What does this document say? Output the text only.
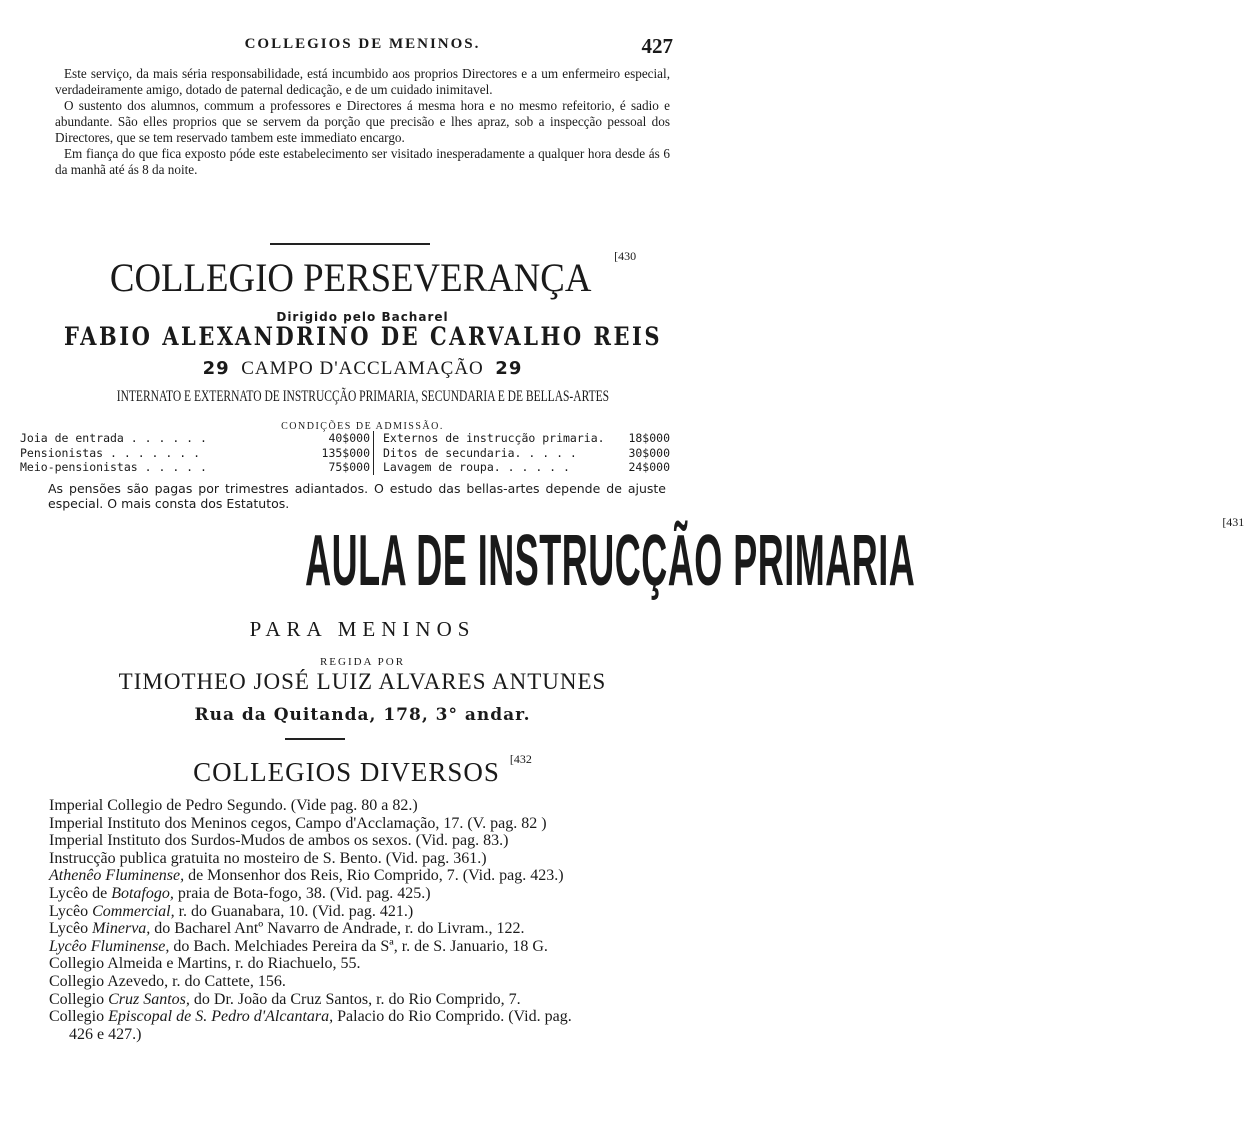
COLLEGIOS DE MENINOS.	427

Este serviço, da mais séria responsabilidade, está incumbido aos proprios Directores e a um enfermeiro especial, verdadeiramente amigo, dotado de paternal dedicação, e de um cuidado inimitavel.

O sustento dos alumnos, commum a professores e Directores á mesma hora e no mesmo refeitorio, é sadio e abundante. São elles proprios que se servem da porção que precisão e lhes apraz, sob a inspecção pessoal dos Directores, que se tem reservado tambem este immediato encargo.

Em fiança do que fica exposto póde este estabelecimento ser visitado inesperadamente a qualquer hora desde ás 6 da manhã até ás 8 da noite.

COLLEGIO PERSEVERANÇA $^{[430}$
Dirigido pelo Bacharel
FABIO ALEXANDRINO DE CARVALHO REIS
29 CAMPO D'ACCLAMAÇÃO 29
INTERNATO E EXTERNATO DE INSTRUCÇÃO PRIMARIA, SECUNDARIA E DE BELLAS-ARTES
CONDIÇÕES DE ADMISSÃO.
Joia de entrada . . . . . .	40$000	Externos de instrucção primaria. 18$000
Pensionistas . . . . . . .	135$000	Ditos de secundaria. . . . .	30$000
Meio-pensionistas . . . . .	75$000	Lavagem de roupa. . . . . .	24$000
As pensões são pagas por trimestres adiantados. O estudo das bellas-artes depende de ajuste especial. O mais consta dos Estatutos.
AULA DE INSTRUCÇÃO PRIMARIA	$^{[431}$
PARA MENINOS
REGIDA POR
TIMOTHEO JOSÉ LUIZ ALVARES ANTUNES
Rua da Quitanda, 178, 3° andar.
COLLEGIOS DIVERSOS $^{[432}$
Imperial Collegio de Pedro Segundo. (Vide pag. 80 a 82.)
Imperial Instituto dos Meninos cegos, Campo d'Acclamação, 17. (V. pag. 82 )
Imperial Instituto dos Surdos-Mudos de ambos os sexos. (Vid. pag. 83.)
Instrucção publica gratuita no mosteiro de S. Bento. (Vid. pag. 361.)
Athenêo Fluminense, de Monsenhor dos Reis, Rio Comprido, 7. (Vid. pag. 423.)
Lycêo de Botafogo, praia de Bota-fogo, 38. (Vid. pag. 425.)
Lycêo Commercial, r. do Guanabara, 10. (Vid. pag. 421.)
Lycêo Minerva, do Bacharel Antº Navarro de Andrade, r. do Livram., 122.
Lycêo Fluminense, do Bach. Melchiades Pereira da Sª, r. de S. Januario, 18 G.
Collegio Almeida e Martins, r. do Riachuelo, 55.
Collegio Azevedo, r. do Cattete, 156.
Collegio Cruz Santos, do Dr. João da Cruz Santos, r. do Rio Comprido, 7.
Collegio Episcopal de S. Pedro d'Alcantara, Palacio do Rio Comprido. (Vid. pag.
426 e 427.)
